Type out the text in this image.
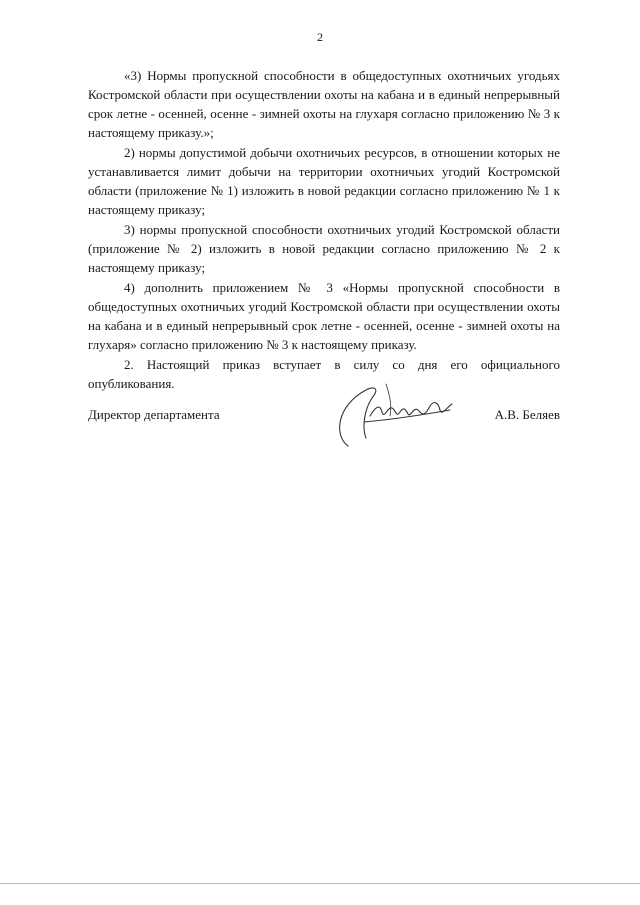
2

«3) Нормы пропускной способности в общедоступных охотничьих угодьях Костромской области при осуществлении охоты на кабана и в единый непрерывный срок летне - осенней, осенне - зимней охоты на глухаря согласно приложению № 3 к настоящему приказу.»;

2) нормы допустимой добычи охотничьих ресурсов, в отношении которых не устанавливается лимит добычи на территории охотничьих угодий Костромской области (приложение № 1) изложить в новой редакции согласно приложению № 1 к настоящему приказу;

3) нормы пропускной способности охотничьих угодий Костромской области (приложение № 2) изложить в новой редакции согласно приложению № 2 к настоящему приказу;

4) дополнить приложением № 3 «Нормы пропускной способности в общедоступных охотничьих угодий Костромской области при осуществлении охоты на кабана и в единый непрерывный срок летне - осенней, осенне - зимней охоты на глухаря» согласно приложению № 3 к настоящему приказу.

2. Настоящий приказ вступает в силу со дня его официального опубликования.

Директор департамента	А.В. Беляев
